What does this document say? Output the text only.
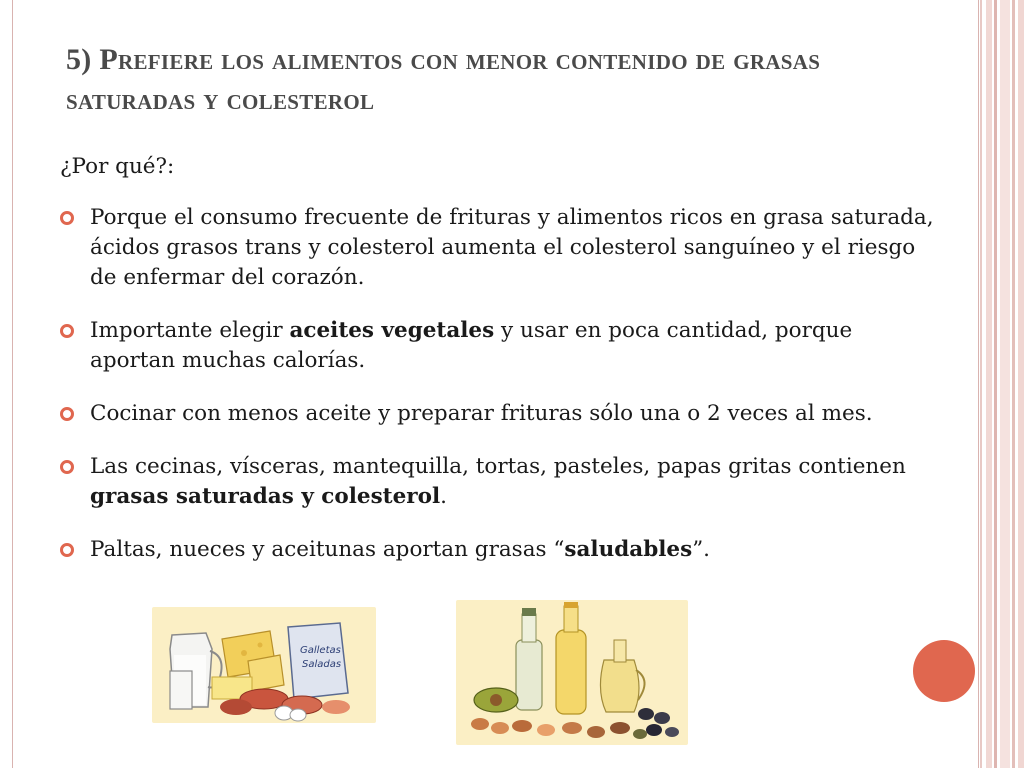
5) Prefiere los alimentos con menor contenido de grasas saturadas y colesterol

¿Por qué?:

Porque el consumo frecuente de frituras y alimentos ricos en grasa saturada, ácidos grasos trans y colesterol aumenta el colesterol sanguíneo y el riesgo de enfermar del corazón.
Importante elegir aceites vegetales y usar en poca cantidad, porque aportan muchas calorías.
Cocinar con menos aceite y preparar frituras sólo una o 2 veces al mes.
Las cecinas, vísceras, mantequilla, tortas, pasteles, papas gritas contienen grasas saturadas y colesterol.
Paltas, nueces y aceitunas aportan grasas “saludables”.
Galletas
Saladas
